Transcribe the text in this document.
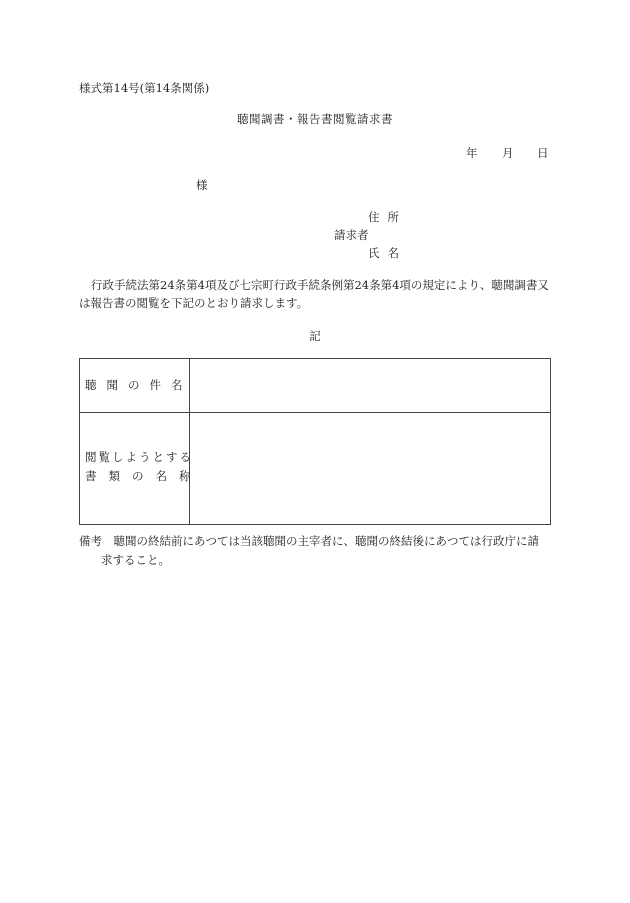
様式第14号(第14条関係)
聴聞調書・報告書閲覧請求書
年 月 日
様
住所
請求者
氏名
行政手続法第24条第4項及び七宗町行政手続条例第24条第4項の規定により、聴聞調書又
は報告書の閲覧を下記のとおり請求します。
記
聴聞の件名
閲覧しようとする
書類の名称
備考　聴聞の終結前にあつては当該聴聞の主宰者に、聴聞の終結後にあつては行政庁に請
求すること。
